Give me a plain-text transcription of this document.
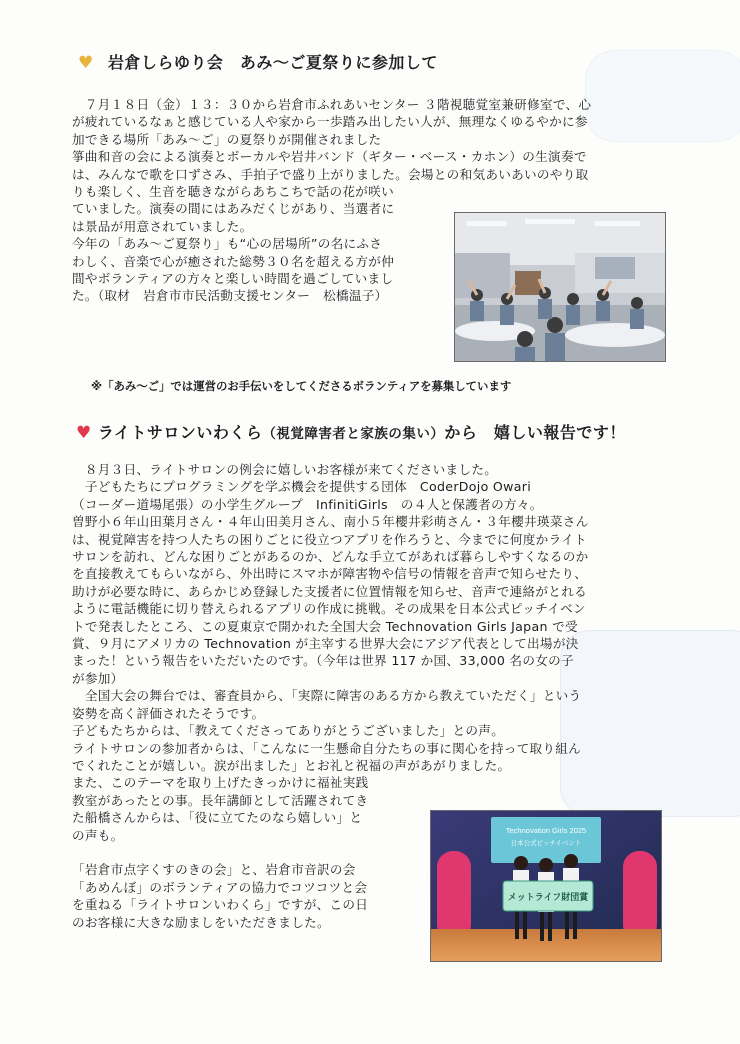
♥ 岩倉しらゆり会　あみ～ご夏祭りに参加して
　７月１８日（金）１３：３０から岩倉市ふれあいセンター ３階視聴覚室兼研修室で、心
が疲れているなぁと感じている人や家から一歩踏み出したい人が、無理なくゆるやかに参
加できる場所「あみ～ご」の夏祭りが開催されました
箏曲和音の会による演奏とボーカルや岩井バンド（ギター・ベース・カホン）の生演奏で
は、みんなで歌を口ずさみ、手拍子で盛り上がりました。会場との和気あいあいのやり取
りも楽しく、生音を聴きながらあちこちで話の花が咲い
ていました。演奏の間にはあみだくじがあり、当選者に
は景品が用意されていました。
今年の「あみ～ご夏祭り」も“心の居場所”の名にふさ
わしく、音楽で心が癒された総勢３０名を超える方が仲
間やボランティアの方々と楽しい時間を過ごしていまし
た。（取材　岩倉市市民活動支援センター　松橋温子）
※「あみ～ご」では運営のお手伝いをしてくださるボランティアを募集しています
♥ ライトサロンいわくら（視覚障害者と家族の集い）から　嬉しい報告です！
　８月３日、ライトサロンの例会に嬉しいお客様が来てくださいました。
　子どもたちにプログラミングを学ぶ機会を提供する団体　CoderDojo Owari
（コーダー道場尾張）の小学生グループ　InfinitiGirls　の４人と保護者の方々。
曽野小６年山田葉月さん・４年山田美月さん、南小５年櫻井彩萌さん・３年櫻井瑛菜さん
は、視覚障害を持つ人たちの困りごとに役立つアプリを作ろうと、今までに何度かライト
サロンを訪れ、どんな困りごとがあるのか、どんな手立てがあれば暮らしやすくなるのか
を直接教えてもらいながら、外出時にスマホが障害物や信号の情報を音声で知らせたり、
助けが必要な時に、あらかじめ登録した支援者に位置情報を知らせ、音声で連絡がとれる
ように電話機能に切り替えられるアプリの作成に挑戦。その成果を日本公式ピッチイベン
トで発表したところ、この夏東京で開かれた全国大会 Technovation Girls Japan で受
賞、９月にアメリカの Technovation が主宰する世界大会にアジア代表として出場が決
まった！という報告をいただいたのです。（今年は世界 117 か国、33,000 名の女の子
が参加）
　全国大会の舞台では、審査員から、「実際に障害のある方から教えていただく」という
姿勢を高く評価されたそうです。
子どもたちからは、「教えてくださってありがとうございました」との声。
ライトサロンの参加者からは、「こんなに一生懸命自分たちの事に関心を持って取り組ん
でくれたことが嬉しい。涙が出ました」とお礼と祝福の声があがりました。
また、このテーマを取り上げたきっかけに福祉実践
教室があったとの事。長年講師として活躍されてき
た船橋さんからは、「役に立てたのなら嬉しい」と
の声も。
「岩倉市点字くすのきの会」と、岩倉市音訳の会
「あめんぼ」のボランティアの協力でコツコツと会
を重ねる「ライトサロンいわくら」ですが、この日
のお客様に大きな励ましをいただきました。
Technovation Girls 2025
日本公式ピッチイベント
メットライフ財団賞
